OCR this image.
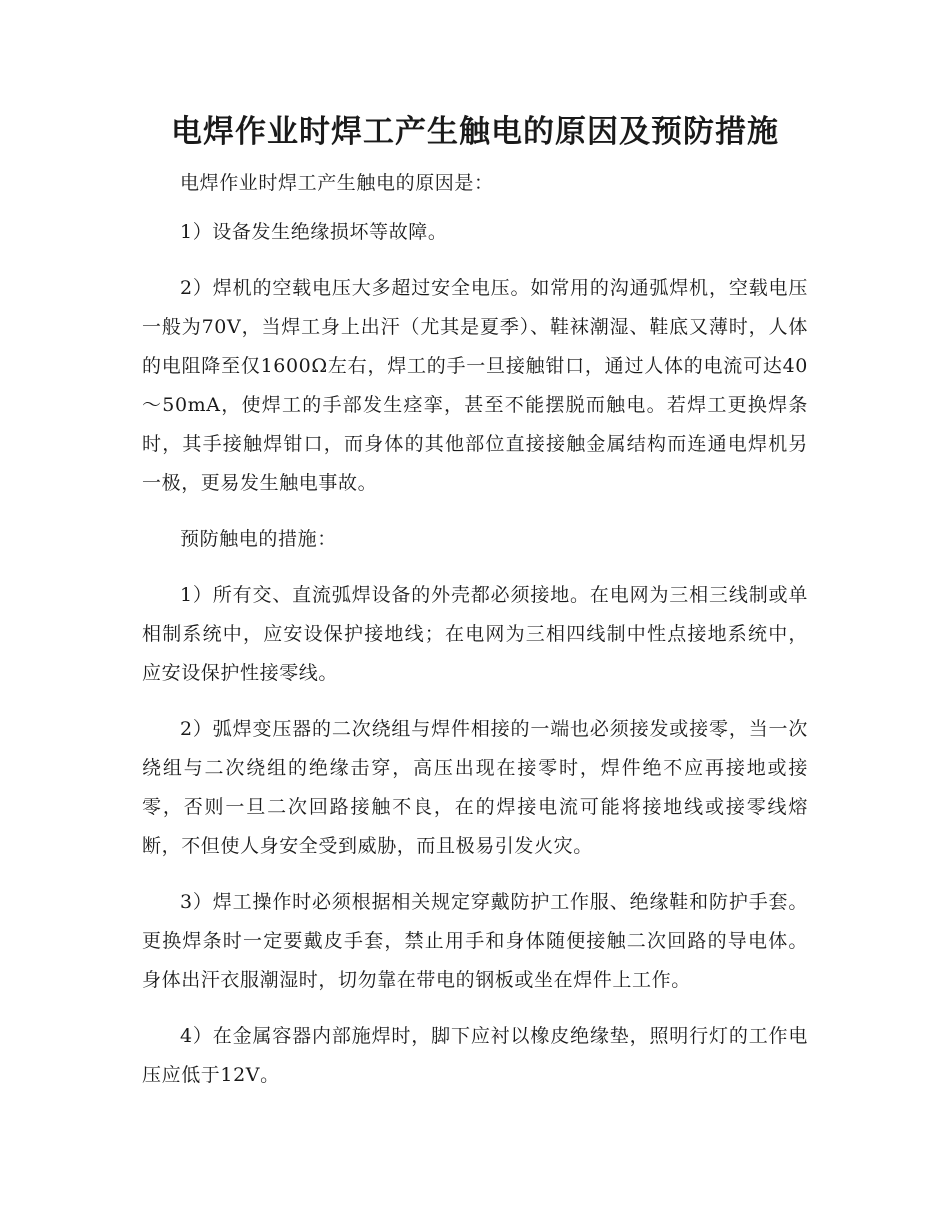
电焊作业时焊工产生触电的原因及预防措施

电焊作业时焊工产生触电的原因是：

1）设备发生绝缘损坏等故障。

2）焊机的空载电压大多超过安全电压。如常用的沟通弧焊机，空载电压一般为70V，当焊工身上出汗（尤其是夏季）、鞋袜潮湿、鞋底又薄时，人体的电阻降至仅1600Ω左右，焊工的手一旦接触钳口，通过人体的电流可达40～50mA，使焊工的手部发生痉挛，甚至不能摆脱而触电。若焊工更换焊条时，其手接触焊钳口，而身体的其他部位直接接触金属结构而连通电焊机另一极，更易发生触电事故。

预防触电的措施：

1）所有交、直流弧焊设备的外壳都必须接地。在电网为三相三线制或单相制系统中，应安设保护接地线；在电网为三相四线制中性点接地系统中，应安设保护性接零线。

2）弧焊变压器的二次绕组与焊件相接的一端也必须接发或接零，当一次绕组与二次绕组的绝缘击穿，高压出现在接零时，焊件绝不应再接地或接零，否则一旦二次回路接触不良，在的焊接电流可能将接地线或接零线熔断，不但使人身安全受到威胁，而且极易引发火灾。

3）焊工操作时必须根据相关规定穿戴防护工作服、绝缘鞋和防护手套。更换焊条时一定要戴皮手套，禁止用手和身体随便接触二次回路的导电体。身体出汗衣服潮湿时，切勿靠在带电的钢板或坐在焊件上工作。

4）在金属容器内部施焊时，脚下应衬以橡皮绝缘垫，照明行灯的工作电压应低于12V。
